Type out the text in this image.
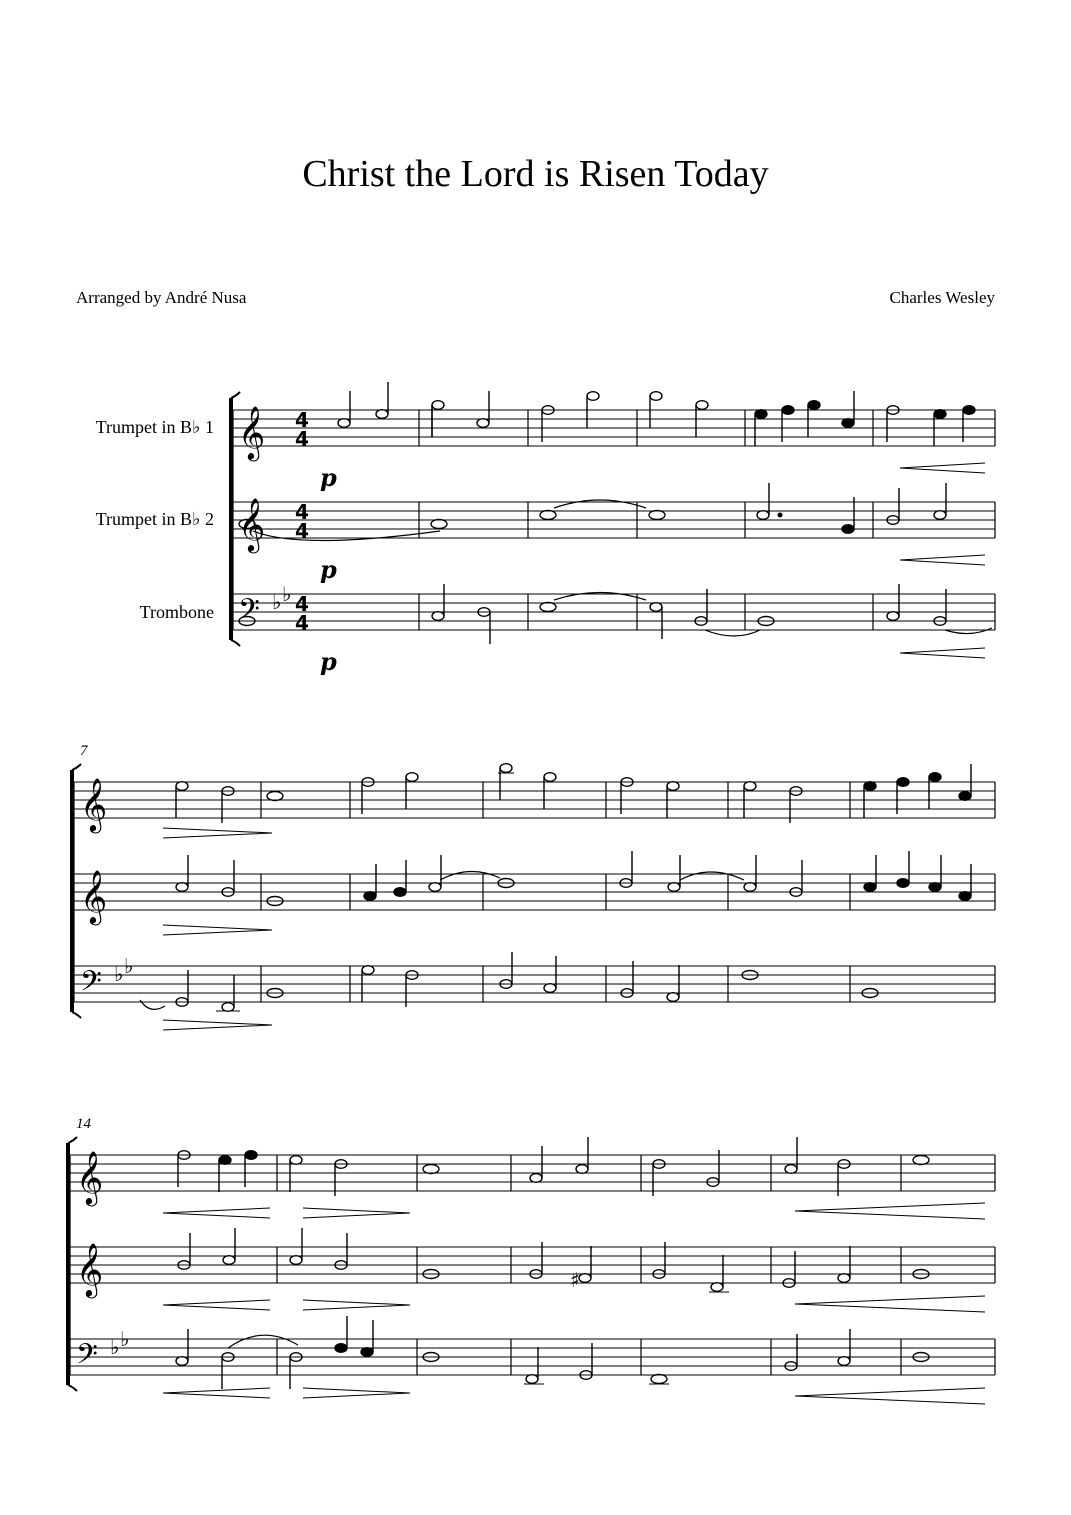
Christ the Lord is Risen Today
Arranged by André Nusa	Charles Wesley
Trumpet in B♭ 1
Trumpet in B♭ 2
Trombone
7
14
𝄞
𝄞
𝄢 ♭ ♭
4
4
4
4
4
4
p
p
p
𝄞
𝄞
𝄢 ♭ ♭
𝄞
𝄞
𝄢 ♭ ♭
♯
